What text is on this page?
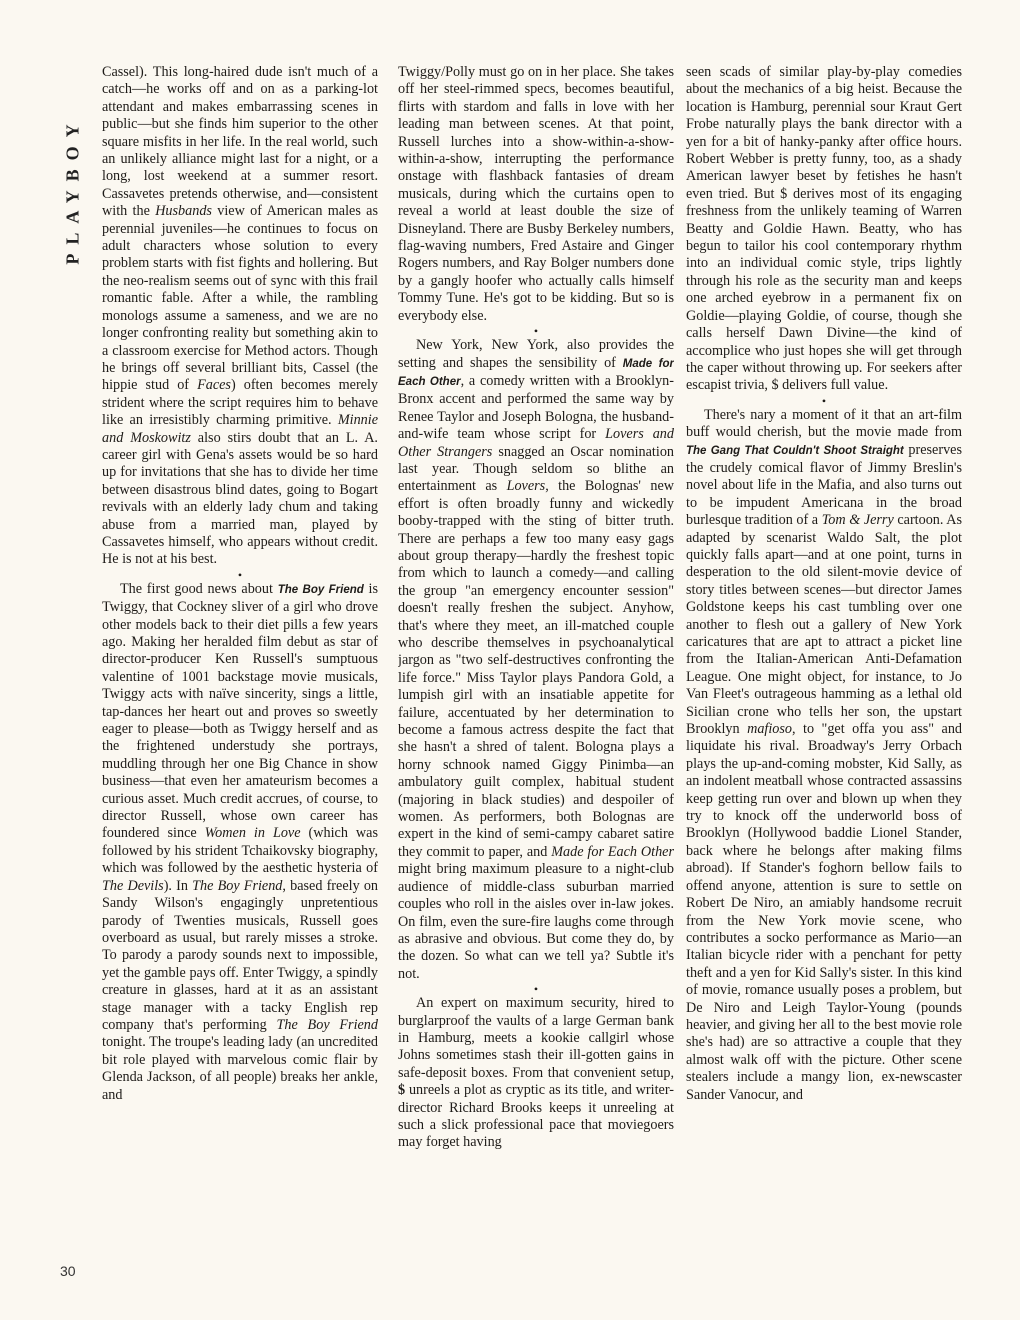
PLAYBOY
30

Cassel). This long-haired dude isn't much of a catch—he works off and on as a parking-lot attendant and makes embarrassing scenes in public—but she finds him superior to the other square misfits in her life. In the real world, such an unlikely alliance might last for a night, or a long, lost weekend at a summer resort. Cassavetes pretends otherwise, and—consistent with the Husbands view of American males as perennial juveniles—he continues to focus on adult characters whose solution to every problem starts with fist fights and hollering. But the neo-realism seems out of sync with this frail romantic fable. After a while, the rambling monologs assume a sameness, and we are no longer confronting reality but something akin to a classroom exercise for Method actors. Though he brings off several brilliant bits, Cassel (the hippie stud of Faces) often becomes merely strident where the script requires him to behave like an irresistibly charming primitive. Minnie and Moskowitz also stirs doubt that an L. A. career girl with Gena's assets would be so hard up for invitations that she has to divide her time between disastrous blind dates, going to Bogart revivals with an elderly lady chum and taking abuse from a married man, played by Cassavetes himself, who appears without credit. He is not at his best.

•

The first good news about The Boy Friend is Twiggy, that Cockney sliver of a girl who drove other models back to their diet pills a few years ago. Making her heralded film debut as star of director-producer Ken Russell's sumptuous valentine of 1001 backstage movie musicals, Twiggy acts with naïve sincerity, sings a little, tap-dances her heart out and proves so sweetly eager to please—both as Twiggy herself and as the frightened understudy she portrays, muddling through her one Big Chance in show business—that even her amateurism becomes a curious asset. Much credit accrues, of course, to director Russell, whose own career has foundered since Women in Love (which was followed by his strident Tchaikovsky biography, which was followed by the aesthetic hysteria of The Devils). In The Boy Friend, based freely on Sandy Wilson's engagingly unpretentious parody of Twenties musicals, Russell goes overboard as usual, but rarely misses a stroke. To parody a parody sounds next to impossible, yet the gamble pays off. Enter Twiggy, a spindly creature in glasses, hard at it as an assistant stage manager with a tacky English rep company that's performing The Boy Friend tonight. The troupe's leading lady (an uncredited bit role played with marvelous comic flair by Glenda Jackson, of all people) breaks her ankle, and

Twiggy/Polly must go on in her place. She takes off her steel-rimmed specs, becomes beautiful, flirts with stardom and falls in love with her leading man between scenes. At that point, Russell lurches into a show-within-a-show-within-a-show, interrupting the performance onstage with flashback fantasies of dream musicals, during which the curtains open to reveal a world at least double the size of Disneyland. There are Busby Berkeley numbers, flag-waving numbers, Fred Astaire and Ginger Rogers numbers, and Ray Bolger numbers done by a gangly hoofer who actually calls himself Tommy Tune. He's got to be kidding. But so is everybody else.

•

New York, New York, also provides the setting and shapes the sensibility of Made for Each Other, a comedy written with a Brooklyn-Bronx accent and performed the same way by Renee Taylor and Joseph Bologna, the husband-and-wife team whose script for Lovers and Other Strangers snagged an Oscar nomination last year. Though seldom so blithe an entertainment as Lovers, the Bolognas' new effort is often broadly funny and wickedly booby-trapped with the sting of bitter truth. There are perhaps a few too many easy gags about group therapy—hardly the freshest topic from which to launch a comedy—and calling the group "an emergency encounter session" doesn't really freshen the subject. Anyhow, that's where they meet, an ill-matched couple who describe themselves in psychoanalytical jargon as "two self-destructives confronting the life force." Miss Taylor plays Pandora Gold, a lumpish girl with an insatiable appetite for failure, accentuated by her determination to become a famous actress despite the fact that she hasn't a shred of talent. Bologna plays a horny schnook named Giggy Pinimba—an ambulatory guilt complex, habitual student (majoring in black studies) and despoiler of women. As performers, both Bolognas are expert in the kind of semi-campy cabaret satire they commit to paper, and Made for Each Other might bring maximum pleasure to a night-club audience of middle-class suburban married couples who roll in the aisles over in-law jokes. On film, even the sure-fire laughs come through as abrasive and obvious. But come they do, by the dozen. So what can we tell ya? Subtle it's not.

•

An expert on maximum security, hired to burglarproof the vaults of a large German bank in Hamburg, meets a kookie callgirl whose Johns sometimes stash their ill-gotten gains in safe-deposit boxes. From that convenient setup, $ unreels a plot as cryptic as its title, and writer-director Richard Brooks keeps it unreeling at such a slick professional pace that moviegoers may forget having

seen scads of similar play-by-play comedies about the mechanics of a big heist. Because the location is Hamburg, perennial sour Kraut Gert Frobe naturally plays the bank director with a yen for a bit of hanky-panky after office hours. Robert Webber is pretty funny, too, as a shady American lawyer beset by fetishes he hasn't even tried. But $ derives most of its engaging freshness from the unlikely teaming of Warren Beatty and Goldie Hawn. Beatty, who has begun to tailor his cool contemporary rhythm into an individual comic style, trips lightly through his role as the security man and keeps one arched eyebrow in a permanent fix on Goldie—playing Goldie, of course, though she calls herself Dawn Divine—the kind of accomplice who just hopes she will get through the caper without throwing up. For seekers after escapist trivia, $ delivers full value.

•

There's nary a moment of it that an art-film buff would cherish, but the movie made from The Gang That Couldn't Shoot Straight preserves the crudely comical flavor of Jimmy Breslin's novel about life in the Mafia, and also turns out to be impudent Americana in the broad burlesque tradition of a Tom & Jerry cartoon. As adapted by scenarist Waldo Salt, the plot quickly falls apart—and at one point, turns in desperation to the old silent-movie device of story titles between scenes—but director James Goldstone keeps his cast tumbling over one another to flesh out a gallery of New York caricatures that are apt to attract a picket line from the Italian-American Anti-Defamation League. One might object, for instance, to Jo Van Fleet's outrageous hamming as a lethal old Sicilian crone who tells her son, the upstart Brooklyn mafioso, to "get offa you ass" and liquidate his rival. Broadway's Jerry Orbach plays the up-and-coming mobster, Kid Sally, as an indolent meatball whose contracted assassins keep getting run over and blown up when they try to knock off the underworld boss of Brooklyn (Hollywood baddie Lionel Stander, back where he belongs after making films abroad). If Stander's foghorn bellow fails to offend anyone, attention is sure to settle on Robert De Niro, an amiably handsome recruit from the New York movie scene, who contributes a socko performance as Mario—an Italian bicycle rider with a penchant for petty theft and a yen for Kid Sally's sister. In this kind of movie, romance usually poses a problem, but De Niro and Leigh Taylor-Young (pounds heavier, and giving her all to the best movie role she's had) are so attractive a couple that they almost walk off with the picture. Other scene stealers include a mangy lion, ex-newscaster Sander Vanocur, and
